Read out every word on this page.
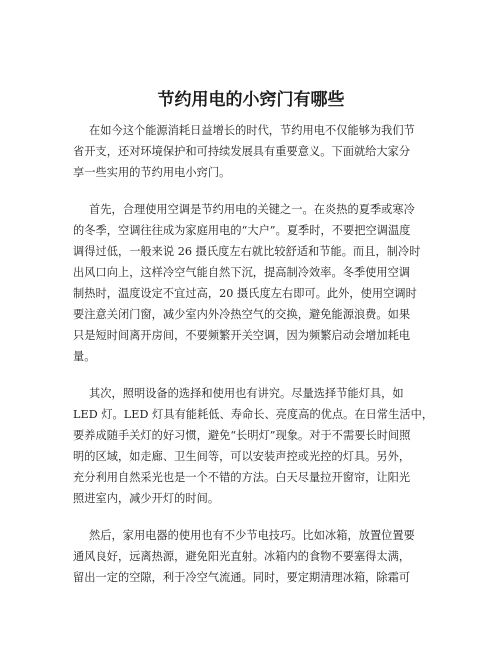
节约用电的小窍门有哪些
在如今这个能源消耗日益增长的时代，节约用电不仅能够为我们节
省开支，还对环境保护和可持续发展具有重要意义。下面就给大家分
享一些实用的节约用电小窍门。
首先，合理使用空调是节约用电的关键之一。在炎热的夏季或寒冷
的冬季，空调往往成为家庭用电的“大户”。夏季时，不要把空调温度
调得过低，一般来说 26 摄氏度左右就比较舒适和节能。而且，制冷时
出风口向上，这样冷空气能自然下沉，提高制冷效率。冬季使用空调
制热时，温度设定不宜过高，20 摄氏度左右即可。此外，使用空调时
要注意关闭门窗，减少室内外冷热空气的交换，避免能源浪费。如果
只是短时间离开房间，不要频繁开关空调，因为频繁启动会增加耗电
量。
其次，照明设备的选择和使用也有讲究。尽量选择节能灯具，如
LED 灯。LED 灯具有能耗低、寿命长、亮度高的优点。在日常生活中，
要养成随手关灯的好习惯，避免“长明灯”现象。对于不需要长时间照
明的区域，如走廊、卫生间等，可以安装声控或光控的灯具。另外，
充分利用自然采光也是一个不错的方法。白天尽量拉开窗帘，让阳光
照进室内，减少开灯的时间。
然后，家用电器的使用也有不少节电技巧。比如冰箱，放置位置要
通风良好，远离热源，避免阳光直射。冰箱内的食物不要塞得太满，
留出一定的空隙，利于冷空气流通。同时，要定期清理冰箱，除霜可
